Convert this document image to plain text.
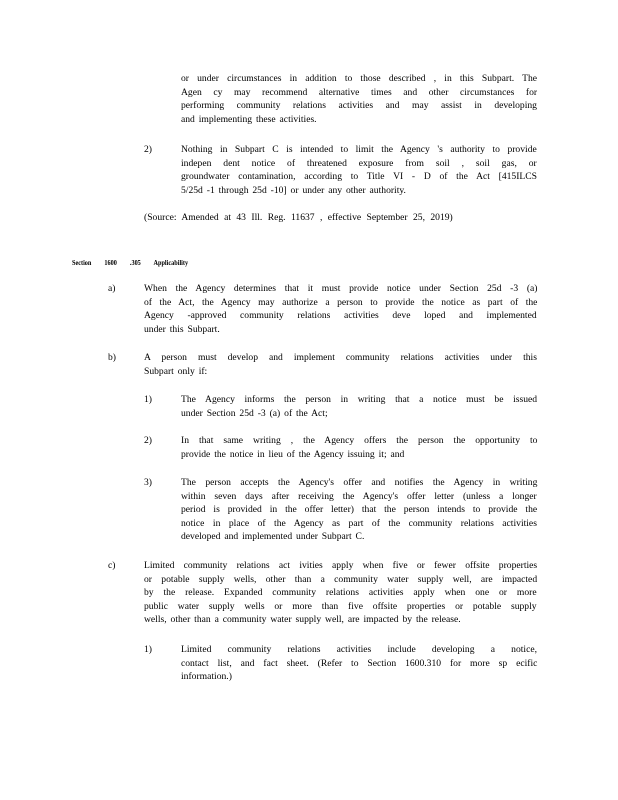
or under circumstances in addition to those described , in this Subpart. The
Agen cy may recommend alternative times and other circumstances for
performing community relations activities and may assist in developing
and implementing these activities.
2)	Nothing in Subpart C is intended to limit the Agency 's authority to provide
indepen dent notice of threatened exposure from soil , soil gas, or
groundwater contamination, according to Title VI - D of the Act [415ILCS
5/25d -1 through 25d -10] or under any other authority.
(Source: Amended at 43 Ill. Reg. 11637 , effective September 25, 2019)
Section 1600 .305 Applicability
a)	When the Agency determines that it must provide notice under Section 25d -3 (a)
of the Act, the Agency may authorize a person to provide the notice as part of the
Agency -approved community relations activities deve loped and implemented
under this Subpart.
b)	A person must develop and implement community relations activities under this
Subpart only if:
1)	The Agency informs the person in writing that a notice must be issued
under Section 25d -3 (a) of the Act;
2)	In that same writing , the Agency offers the person the opportunity to
provide the notice in lieu of the Agency issuing it; and
3)	The person accepts the Agency's offer and notifies the Agency in writing
within seven days after receiving the Agency's offer letter (unless a longer
period is provided in the offer letter) that the person intends to provide the
notice in place of the Agency as part of the community relations activities
developed and implemented under Subpart C.
c)	Limited community relations act ivities apply when five or fewer offsite properties
or potable supply wells, other than a community water supply well, are impacted
by the release. Expanded community relations activities apply when one or more
public water supply wells or more than five offsite properties or potable supply
wells, other than a community water supply well, are impacted by the release.
1)	Limited community relations activities include developing a notice,
contact list, and fact sheet. (Refer to Section 1600.310 for more sp ecific
information.)
